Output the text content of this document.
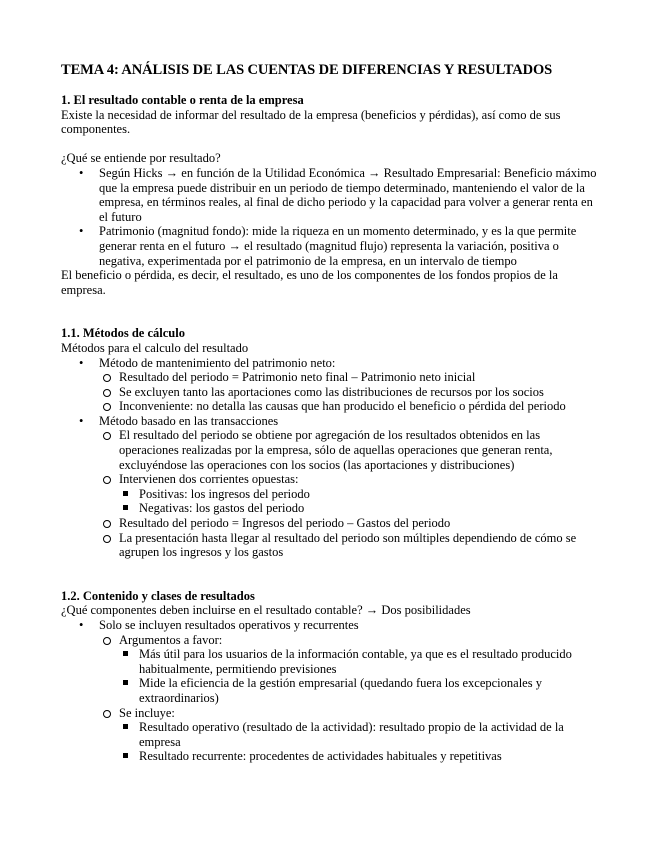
TEMA 4: ANÁLISIS DE LAS CUENTAS DE DIFERENCIAS Y RESULTADOS
1. El resultado contable o renta de la empresa

Existe la necesidad de informar del resultado de la empresa (beneficios y pérdidas), así como de sus componentes.

¿Qué se entiende por resultado?

• Según Hicks → en función de la Utilidad Económica → Resultado Empresarial: Beneficio máximo que la empresa puede distribuir en un periodo de tiempo determinado, manteniendo el valor de la empresa, en términos reales, al final de dicho periodo y la capacidad para volver a generar renta en el futuro
• Patrimonio (magnitud fondo): mide la riqueza en un momento determinado, y es la que permite generar renta en el futuro → el resultado (magnitud flujo) representa la variación, positiva o negativa, experimentada por el patrimonio de la empresa, en un intervalo de tiempo

El beneficio o pérdida, es decir, el resultado, es uno de los componentes de los fondos propios de la empresa.

1.1. Métodos de cálculo

Métodos para el calculo del resultado

• Método de mantenimiento del patrimonio neto:
Resultado del periodo = Patrimonio neto final – Patrimonio neto inicial
Se excluyen tanto las aportaciones como las distribuciones de recursos por los socios
Inconveniente: no detalla las causas que han producido el beneficio o pérdida del periodo
• Método basado en las transacciones
El resultado del periodo se obtiene por agregación de los resultados obtenidos en las operaciones realizadas por la empresa, sólo de aquellas operaciones que generan renta, excluyéndose las operaciones con los socios (las aportaciones y distribuciones)
Intervienen dos corrientes opuestas:
Positivas: los ingresos del periodo
Negativas: los gastos del periodo
Resultado del periodo = Ingresos del periodo – Gastos del periodo
La presentación hasta llegar al resultado del periodo son múltiples dependiendo de cómo se agrupen los ingresos y los gastos
1.2. Contenido y clases de resultados

¿Qué componentes deben incluirse en el resultado contable? → Dos posibilidades

• Solo se incluyen resultados operativos y recurrentes
Argumentos a favor:
Más útil para los usuarios de la información contable, ya que es el resultado producido habitualmente, permitiendo previsiones
Mide la eficiencia de la gestión empresarial (quedando fuera los excepcionales y extraordinarios)
Se incluye:
Resultado operativo (resultado de la actividad): resultado propio de la actividad de la empresa
Resultado recurrente: procedentes de actividades habituales y repetitivas
